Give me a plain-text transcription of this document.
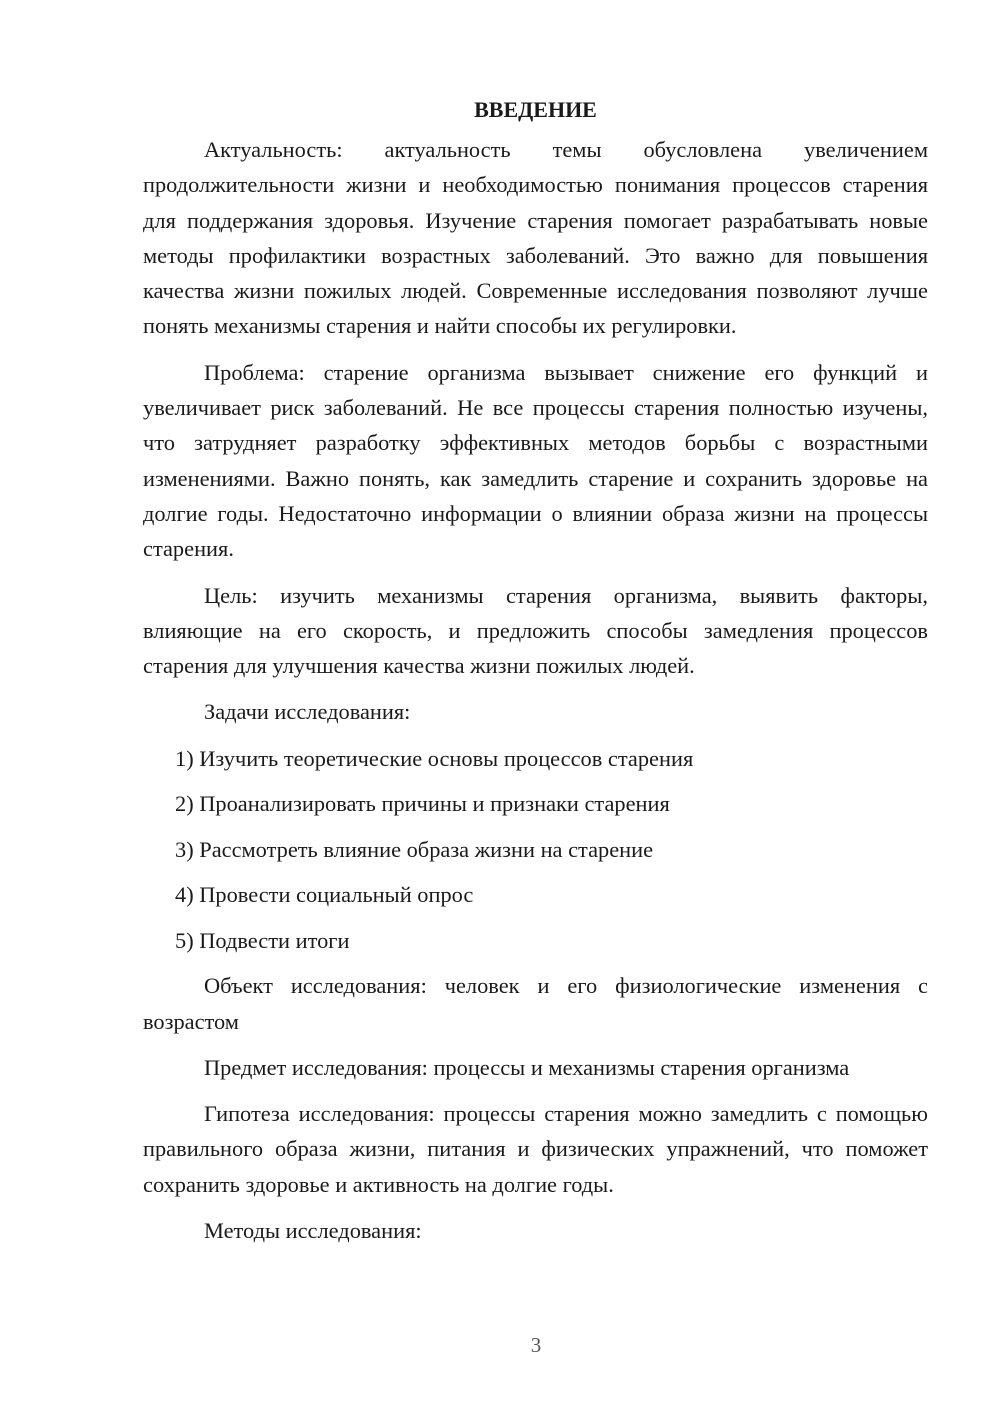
ВВЕДЕНИЕ

Актуальность: актуальность темы обусловлена увеличением продолжительности жизни и необходимостью понимания процессов старения для поддержания здоровья. Изучение старения помогает разрабатывать новые методы профилактики возрастных заболеваний. Это важно для повышения качества жизни пожилых людей. Современные исследования позволяют лучше понять механизмы старения и найти способы их регулировки.

Проблема: старение организма вызывает снижение его функций и увеличивает риск заболеваний. Не все процессы старения полностью изучены, что затрудняет разработку эффективных методов борьбы с возрастными изменениями. Важно понять, как замедлить старение и сохранить здоровье на долгие годы. Недостаточно информации о влиянии образа жизни на процессы старения.

Цель: изучить механизмы старения организма, выявить факторы, влияющие на его скорость, и предложить способы замедления процессов старения для улучшения качества жизни пожилых людей.

Задачи исследования:

1) Изучить теоретические основы процессов старения
2) Проанализировать причины и признаки старения
3) Рассмотреть влияние образа жизни на старение
4) Провести социальный опрос
5) Подвести итоги

Объект исследования: человек и его физиологические изменения с возрастом

Предмет исследования: процессы и механизмы старения организма

Гипотеза исследования: процессы старения можно замедлить с помощью правильного образа жизни, питания и физических упражнений, что поможет сохранить здоровье и активность на долгие годы.

Методы исследования:

3
